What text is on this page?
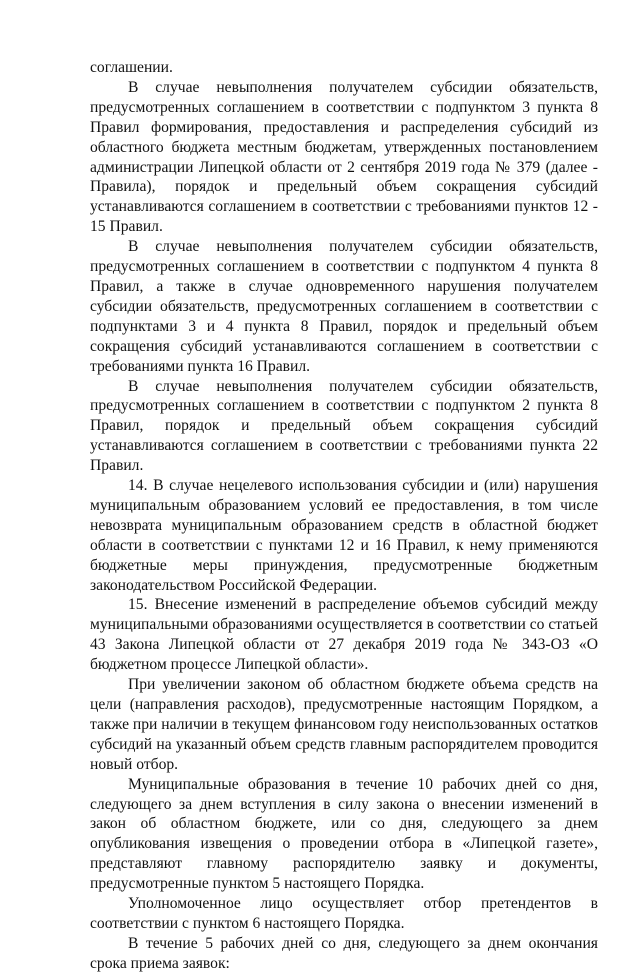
соглашении.

В случае невыполнения получателем субсидии обязательств, предусмотренных соглашением в соответствии с подпунктом 3 пункта 8 Правил формирования, предоставления и распределения субсидий из областного бюджета местным бюджетам, утвержденных постановлением администрации Липецкой области от 2 сентября 2019 года № 379 (далее - Правила), порядок и предельный объем сокращения субсидий устанавливаются соглашением в соответствии с требованиями пунктов 12 - 15 Правил.

В случае невыполнения получателем субсидии обязательств, предусмотренных соглашением в соответствии с подпунктом 4 пункта 8 Правил, а также в случае одновременного нарушения получателем субсидии обязательств, предусмотренных соглашением в соответствии с подпунктами 3 и 4 пункта 8 Правил, порядок и предельный объем сокращения субсидий устанавливаются соглашением в соответствии с требованиями пункта 16 Правил.

В случае невыполнения получателем субсидии обязательств, предусмотренных соглашением в соответствии с подпунктом 2 пункта 8 Правил, порядок и предельный объем сокращения субсидий устанавливаются соглашением в соответствии с требованиями пункта 22 Правил.

14. В случае нецелевого использования субсидии и (или) нарушения муниципальным образованием условий ее предоставления, в том числе невозврата муниципальным образованием средств в областной бюджет области в соответствии с пунктами 12 и 16 Правил, к нему применяются бюджетные меры принуждения, предусмотренные бюджетным законодательством Российской Федерации.

15. Внесение изменений в распределение объемов субсидий между муниципальными образованиями осуществляется в соответствии со статьей 43 Закона Липецкой области от 27 декабря 2019 года № 343-ОЗ «О бюджетном процессе Липецкой области».

При увеличении законом об областном бюджете объема средств на цели (направления расходов), предусмотренные настоящим Порядком, а также при наличии в текущем финансовом году неиспользованных остатков субсидий на указанный объем средств главным распорядителем проводится новый отбор.

Муниципальные образования в течение 10 рабочих дней со дня, следующего за днем вступления в силу закона о внесении изменений в закон об областном бюджете, или со дня, следующего за днем опубликования извещения о проведении отбора в «Липецкой газете», представляют главному распорядителю заявку и документы, предусмотренные пунктом 5 настоящего Порядка.

Уполномоченное лицо осуществляет отбор претендентов в соответствии с пунктом 6 настоящего Порядка.

В течение 5 рабочих дней со дня, следующего за днем окончания срока приема заявок:
